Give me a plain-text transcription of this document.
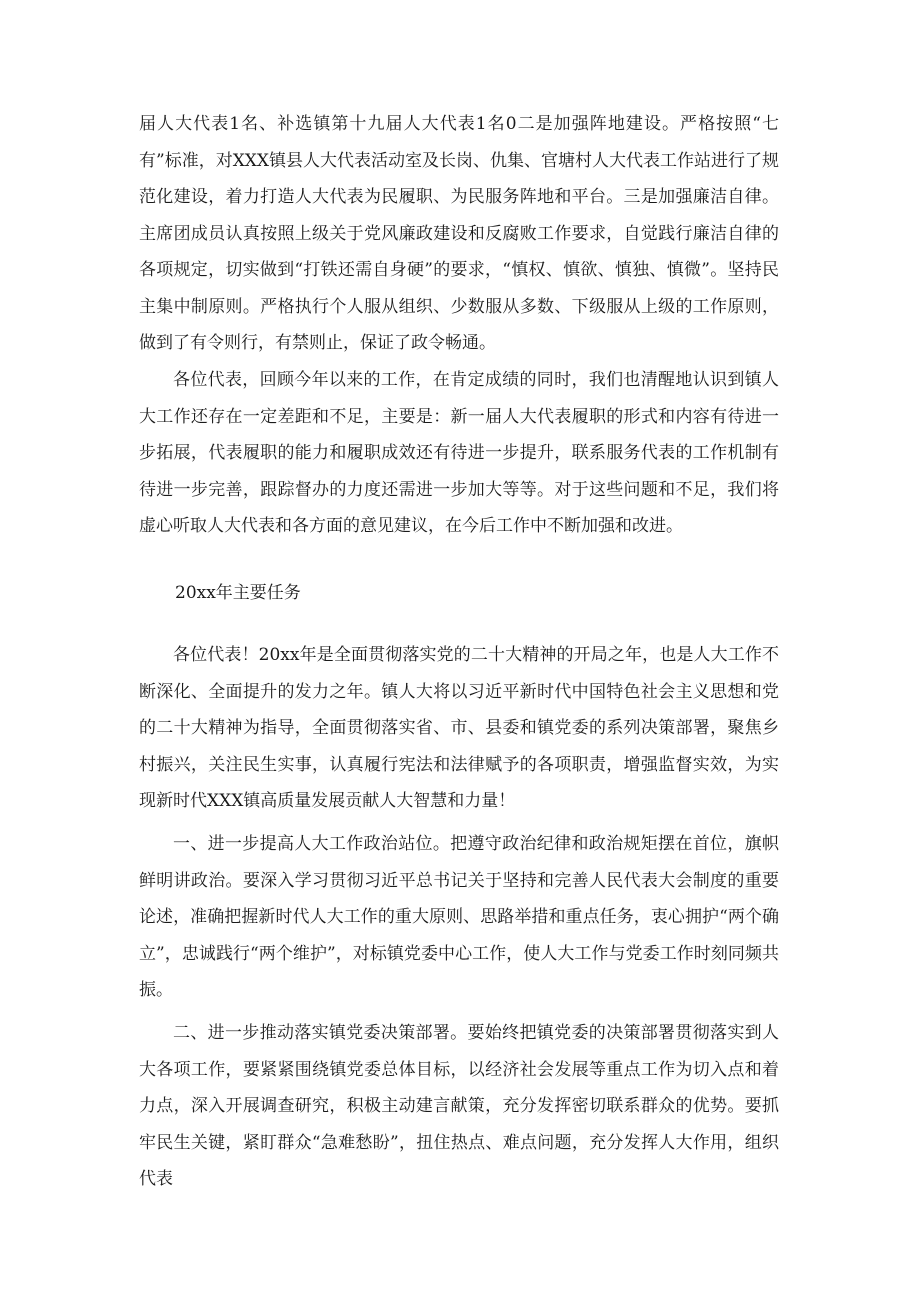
届人大代表1名、补选镇第十九届人大代表1名0二是加强阵地建设。严格按照“七有”标准，对XXX镇县人大代表活动室及长岗、仇集、官塘村人大代表工作站进行了规范化建设，着力打造人大代表为民履职、为民服务阵地和平台。三是加强廉洁自律。主席团成员认真按照上级关于党风廉政建设和反腐败工作要求，自觉践行廉洁自律的各项规定，切实做到“打铁还需自身硬”的要求，“慎权、慎欲、慎独、慎微”。坚持民主集中制原则。严格执行个人服从组织、少数服从多数、下级服从上级的工作原则，做到了有令则行，有禁则止，保证了政令畅通。

各位代表，回顾今年以来的工作，在肯定成绩的同时，我们也清醒地认识到镇人大工作还存在一定差距和不足，主要是：新一届人大代表履职的形式和内容有待进一步拓展，代表履职的能力和履职成效还有待进一步提升，联系服务代表的工作机制有待进一步完善，跟踪督办的力度还需进一步加大等等。对于这些问题和不足，我们将虚心听取人大代表和各方面的意见建议，在今后工作中不断加强和改进。

20xx年主要任务

各位代表！20xx年是全面贯彻落实党的二十大精神的开局之年，也是人大工作不断深化、全面提升的发力之年。镇人大将以习近平新时代中国特色社会主义思想和党的二十大精神为指导，全面贯彻落实省、市、县委和镇党委的系列决策部署，聚焦乡村振兴，关注民生实事，认真履行宪法和法律赋予的各项职责，增强监督实效，为实现新时代XXX镇高质量发展贡献人大智慧和力量！

一、进一步提高人大工作政治站位。把遵守政治纪律和政治规矩摆在首位，旗帜鲜明讲政治。要深入学习贯彻习近平总书记关于坚持和完善人民代表大会制度的重要论述，准确把握新时代人大工作的重大原则、思路举措和重点任务，衷心拥护“两个确立”，忠诚践行“两个维护”，对标镇党委中心工作，使人大工作与党委工作时刻同频共振。

二、进一步推动落实镇党委决策部署。要始终把镇党委的决策部署贯彻落实到人大各项工作，要紧紧围绕镇党委总体目标，以经济社会发展等重点工作为切入点和着力点，深入开展调查研究，积极主动建言献策，充分发挥密切联系群众的优势。要抓牢民生关键，紧盯群众“急难愁盼”，扭住热点、难点问题，充分发挥人大作用，组织代表
